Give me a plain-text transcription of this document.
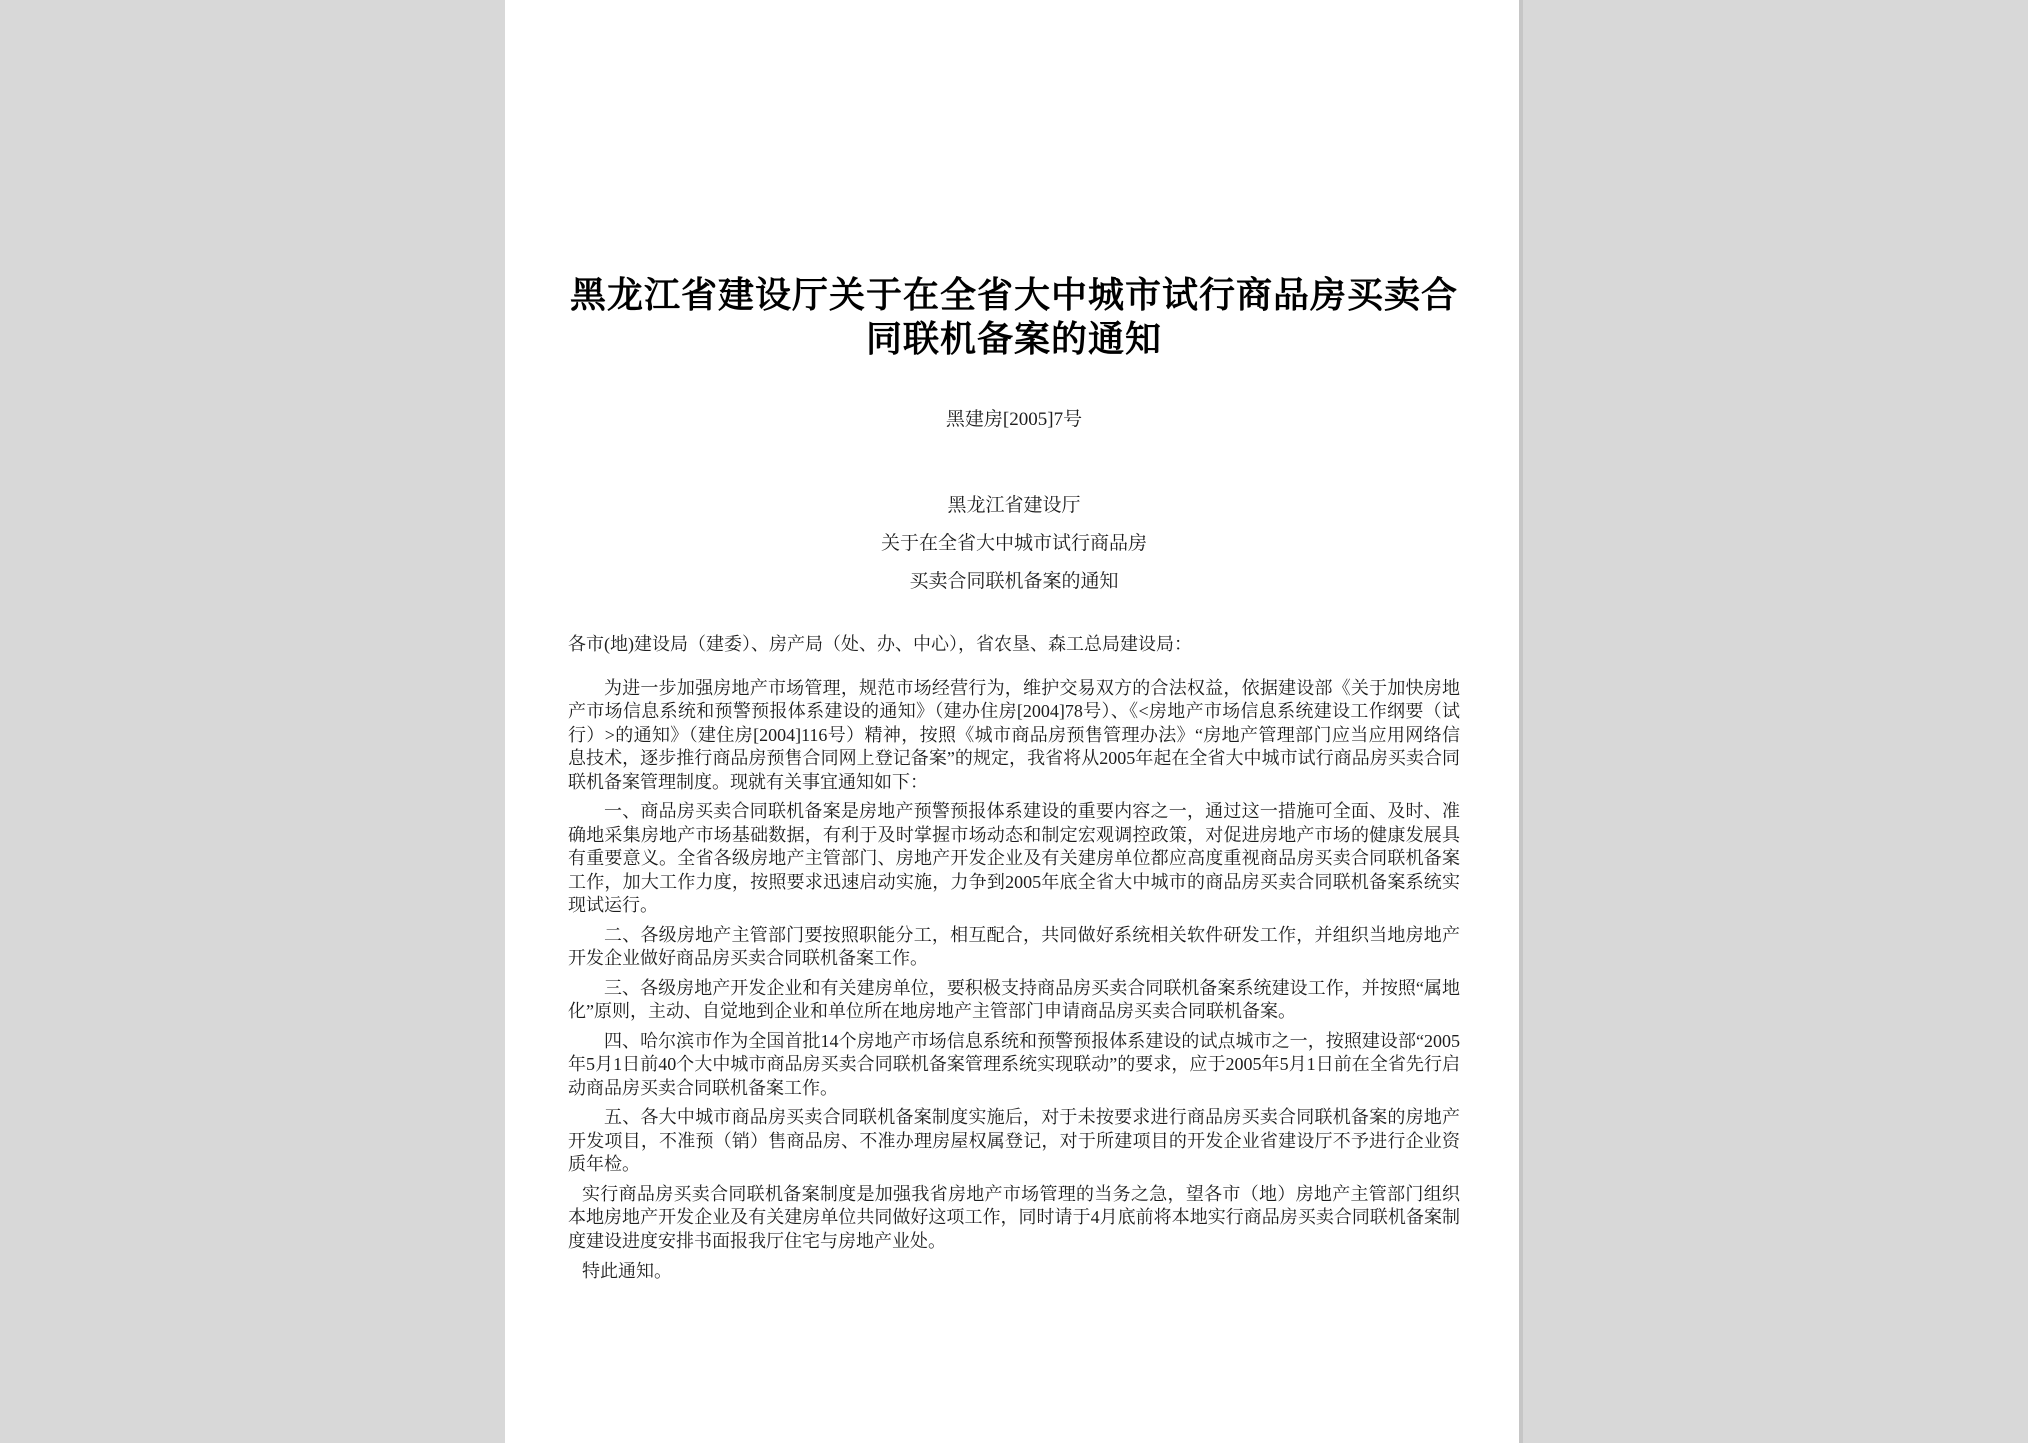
黑龙江省建设厅关于在全省大中城市试行商品房买卖合
同联机备案的通知
黑建房[2005]7号
黑龙江省建设厅
关于在全省大中城市试行商品房
买卖合同联机备案的通知

各市(地)建设局（建委）、房产局（处、办、中心），省农垦、森工总局建设局：

为进一步加强房地产市场管理，规范市场经营行为，维护交易双方的合法权益，依据建设部《关于加快房地产市场信息系统和预警预报体系建设的通知》（建办住房[2004]78号）、《<房地产市场信息系统建设工作纲要（试行）>的通知》（建住房[2004]116号）精神，按照《城市商品房预售管理办法》“房地产管理部门应当应用网络信息技术，逐步推行商品房预售合同网上登记备案”的规定，我省将从2005年起在全省大中城市试行商品房买卖合同联机备案管理制度。现就有关事宜通知如下：

一、商品房买卖合同联机备案是房地产预警预报体系建设的重要内容之一，通过这一措施可全面、及时、准确地采集房地产市场基础数据，有利于及时掌握市场动态和制定宏观调控政策，对促进房地产市场的健康发展具有重要意义。全省各级房地产主管部门、房地产开发企业及有关建房单位都应高度重视商品房买卖合同联机备案工作，加大工作力度，按照要求迅速启动实施，力争到2005年底全省大中城市的商品房买卖合同联机备案系统实现试运行。

二、各级房地产主管部门要按照职能分工，相互配合，共同做好系统相关软件研发工作，并组织当地房地产开发企业做好商品房买卖合同联机备案工作。

三、各级房地产开发企业和有关建房单位，要积极支持商品房买卖合同联机备案系统建设工作，并按照“属地化”原则，主动、自觉地到企业和单位所在地房地产主管部门申请商品房买卖合同联机备案。

四、哈尔滨市作为全国首批14个房地产市场信息系统和预警预报体系建设的试点城市之一，按照建设部“2005年5月1日前40个大中城市商品房买卖合同联机备案管理系统实现联动”的要求，应于2005年5月1日前在全省先行启动商品房买卖合同联机备案工作。

五、各大中城市商品房买卖合同联机备案制度实施后，对于未按要求进行商品房买卖合同联机备案的房地产开发项目，不准预（销）售商品房、不准办理房屋权属登记，对于所建项目的开发企业省建设厅不予进行企业资质年检。

实行商品房买卖合同联机备案制度是加强我省房地产市场管理的当务之急，望各市（地）房地产主管部门组织本地房地产开发企业及有关建房单位共同做好这项工作，同时请于4月底前将本地实行商品房买卖合同联机备案制度建设进度安排书面报我厅住宅与房地产业处。

特此通知。
